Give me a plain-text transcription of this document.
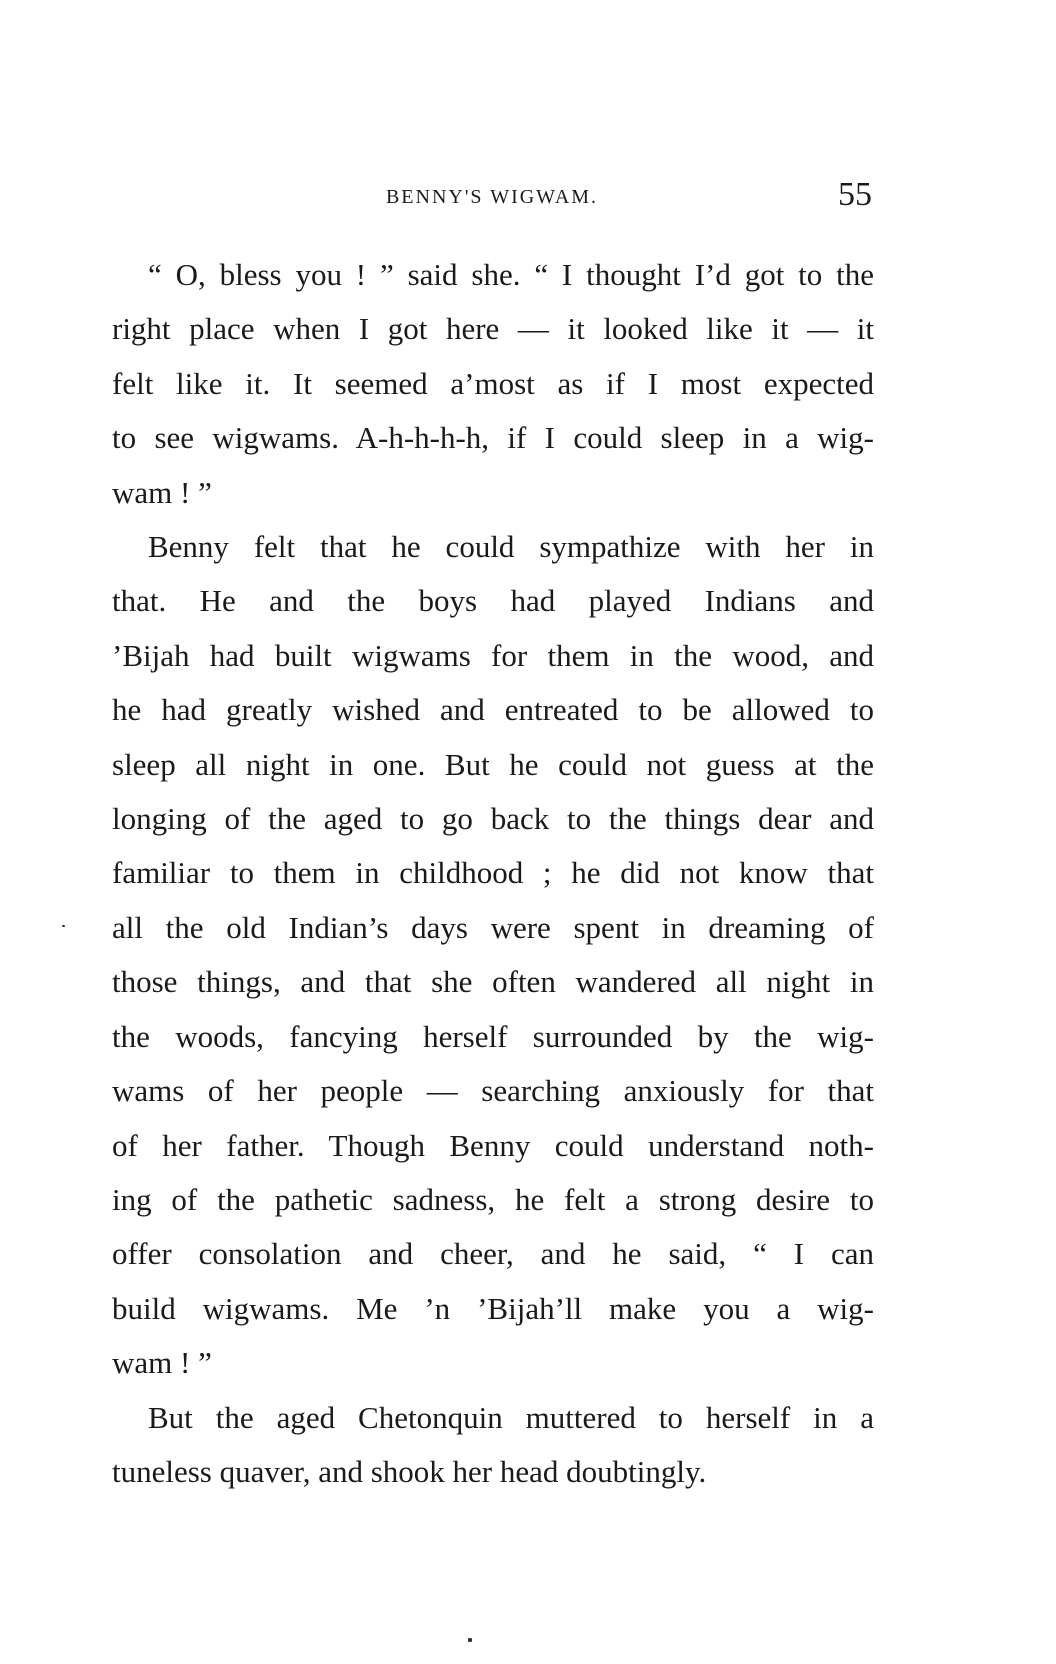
BENNY'S WIGWAM.	55

“ O, bless you ! ” said she. “ I thought I’d got to the
right place when I got here — it looked like it — it
felt like it. It seemed a’most as if I most expected
to see wigwams. A-h-h-h-h, if I could sleep in a wig-
wam ! ”

Benny felt that he could sympathize with her in
that. He and the boys had played Indians and
’Bijah had built wigwams for them in the wood, and
he had greatly wished and entreated to be allowed to
sleep all night in one. But he could not guess at the
longing of the aged to go back to the things dear and
familiar to them in childhood ; he did not know that
all the old Indian’s days were spent in dreaming of
those things, and that she often wandered all night in
the woods, fancying herself surrounded by the wig-
wams of her people — searching anxiously for that
of her father. Though Benny could understand noth-
ing of the pathetic sadness, he felt a strong desire to
offer consolation and cheer, and he said, “ I can
build wigwams. Me ’n ’Bijah’ll make you a wig-
wam ! ”

But the aged Chetonquin muttered to herself in a
tuneless quaver, and shook her head doubtingly.
